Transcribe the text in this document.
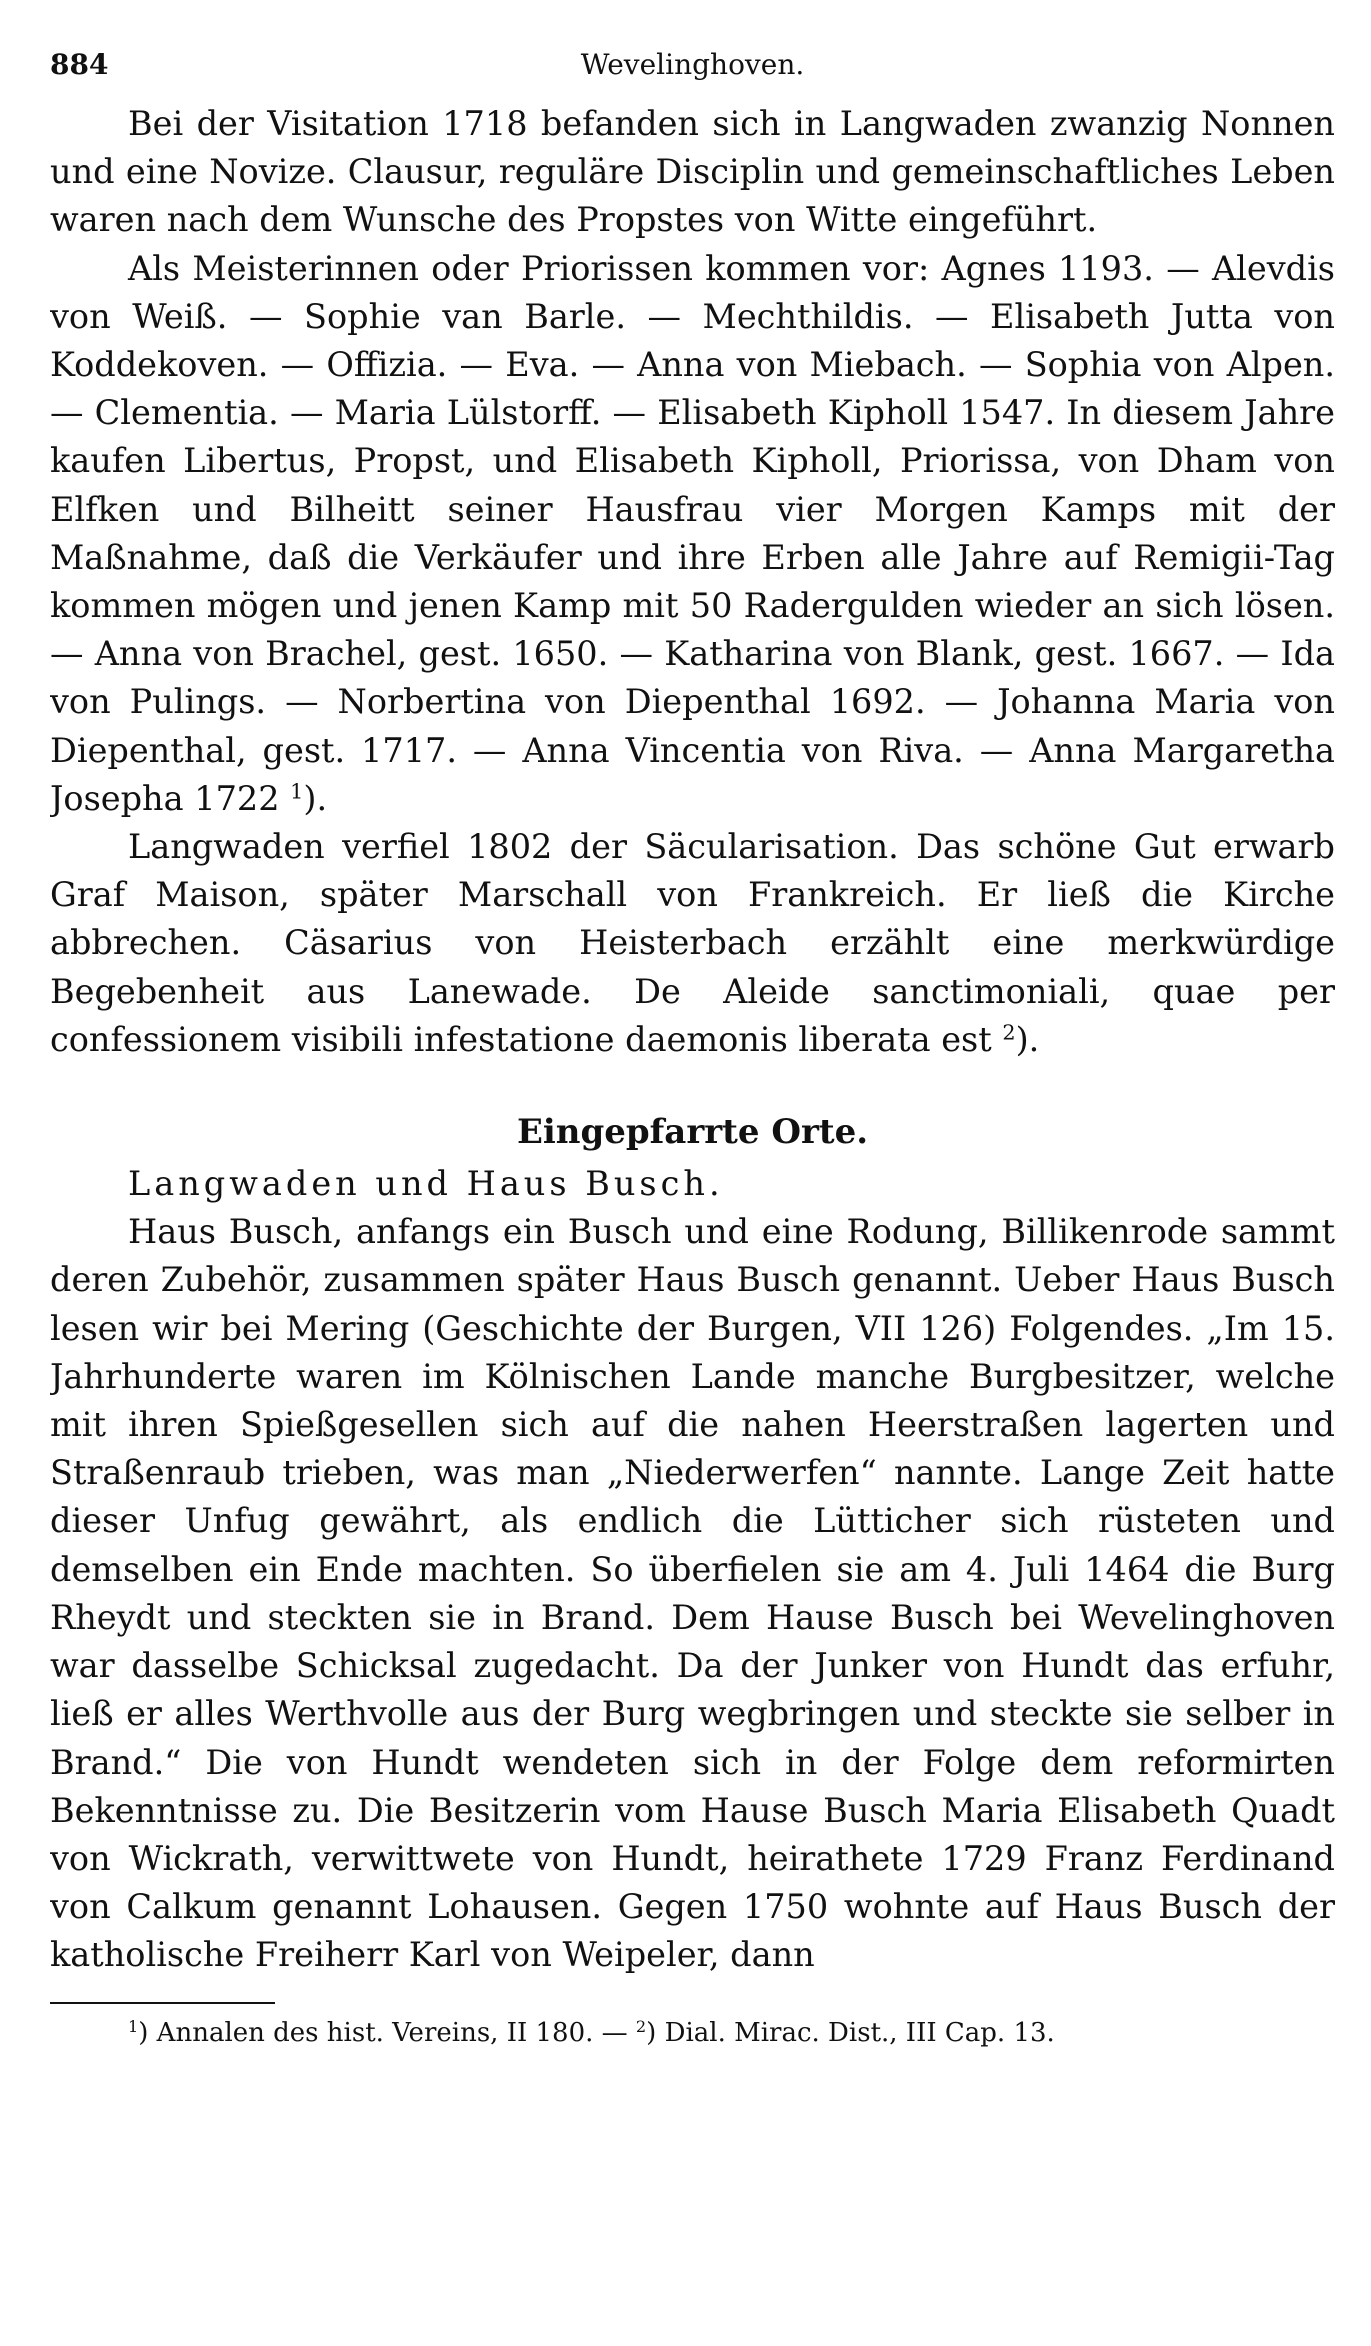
884	Wevelinghoven.

Bei der Visitation 1718 befanden sich in Langwaden zwanzig Nonnen und eine Novize. Clausur, reguläre Disciplin und gemeinschaftliches Leben waren nach dem Wunsche des Propstes von Witte eingeführt.

Als Meisterinnen oder Priorissen kommen vor: Agnes 1193. — Alevdis von Weiß. — Sophie van Barle. — Mechthildis. — Elisabeth Jutta von Koddekoven. — Offizia. — Eva. — Anna von Miebach. — Sophia von Alpen. — Clementia. — Maria Lülstorff. — Elisabeth Kipholl 1547. In diesem Jahre kaufen Libertus, Propst, und Elisabeth Kipholl, Priorissa, von Dham von Elfken und Bilheitt seiner Hausfrau vier Morgen Kamps mit der Maßnahme, daß die Verkäufer und ihre Erben alle Jahre auf Remigii-Tag kommen mögen und jenen Kamp mit 50 Radergulden wieder an sich lösen. — Anna von Brachel, gest. 1650. — Katharina von Blank, gest. 1667. — Ida von Pulings. — Norbertina von Diepenthal 1692. — Johanna Maria von Diepenthal, gest. 1717. — Anna Vincentia von Riva. — Anna Margaretha Josepha 1722 $^1$).

Langwaden verfiel 1802 der Säcularisation. Das schöne Gut erwarb Graf Maison, später Marschall von Frankreich. Er ließ die Kirche abbrechen. Cäsarius von Heisterbach erzählt eine merkwürdige Begebenheit aus Lanewade. De Aleide sanctimoniali, quae per confessionem visibili infestatione daemonis liberata est $^2$).

Eingepfarrte Orte.

Langwaden und Haus Busch.

Haus Busch, anfangs ein Busch und eine Rodung, Billikenrode sammt deren Zubehör, zusammen später Haus Busch genannt. Ueber Haus Busch lesen wir bei Mering (Geschichte der Burgen, VII 126) Folgendes. „Im 15. Jahrhunderte waren im Kölnischen Lande manche Burgbesitzer, welche mit ihren Spießgesellen sich auf die nahen Heerstraßen lagerten und Straßenraub trieben, was man „Niederwerfen“ nannte. Lange Zeit hatte dieser Unfug gewährt, als endlich die Lütticher sich rüsteten und demselben ein Ende machten. So überfielen sie am 4. Juli 1464 die Burg Rheydt und steckten sie in Brand. Dem Hause Busch bei Wevelinghoven war dasselbe Schicksal zugedacht. Da der Junker von Hundt das erfuhr, ließ er alles Werthvolle aus der Burg wegbringen und steckte sie selber in Brand.“ Die von Hundt wendeten sich in der Folge dem reformirten Bekenntnisse zu. Die Besitzerin vom Hause Busch Maria Elisabeth Quadt von Wickrath, verwittwete von Hundt, heirathete 1729 Franz Ferdinand von Calkum genannt Lohausen. Gegen 1750 wohnte auf Haus Busch der katholische Freiherr Karl von Weipeler, dann

$^1$) Annalen des hist. Vereins, II 180. — $^2$) Dial. Mirac. Dist., III Cap. 13.
